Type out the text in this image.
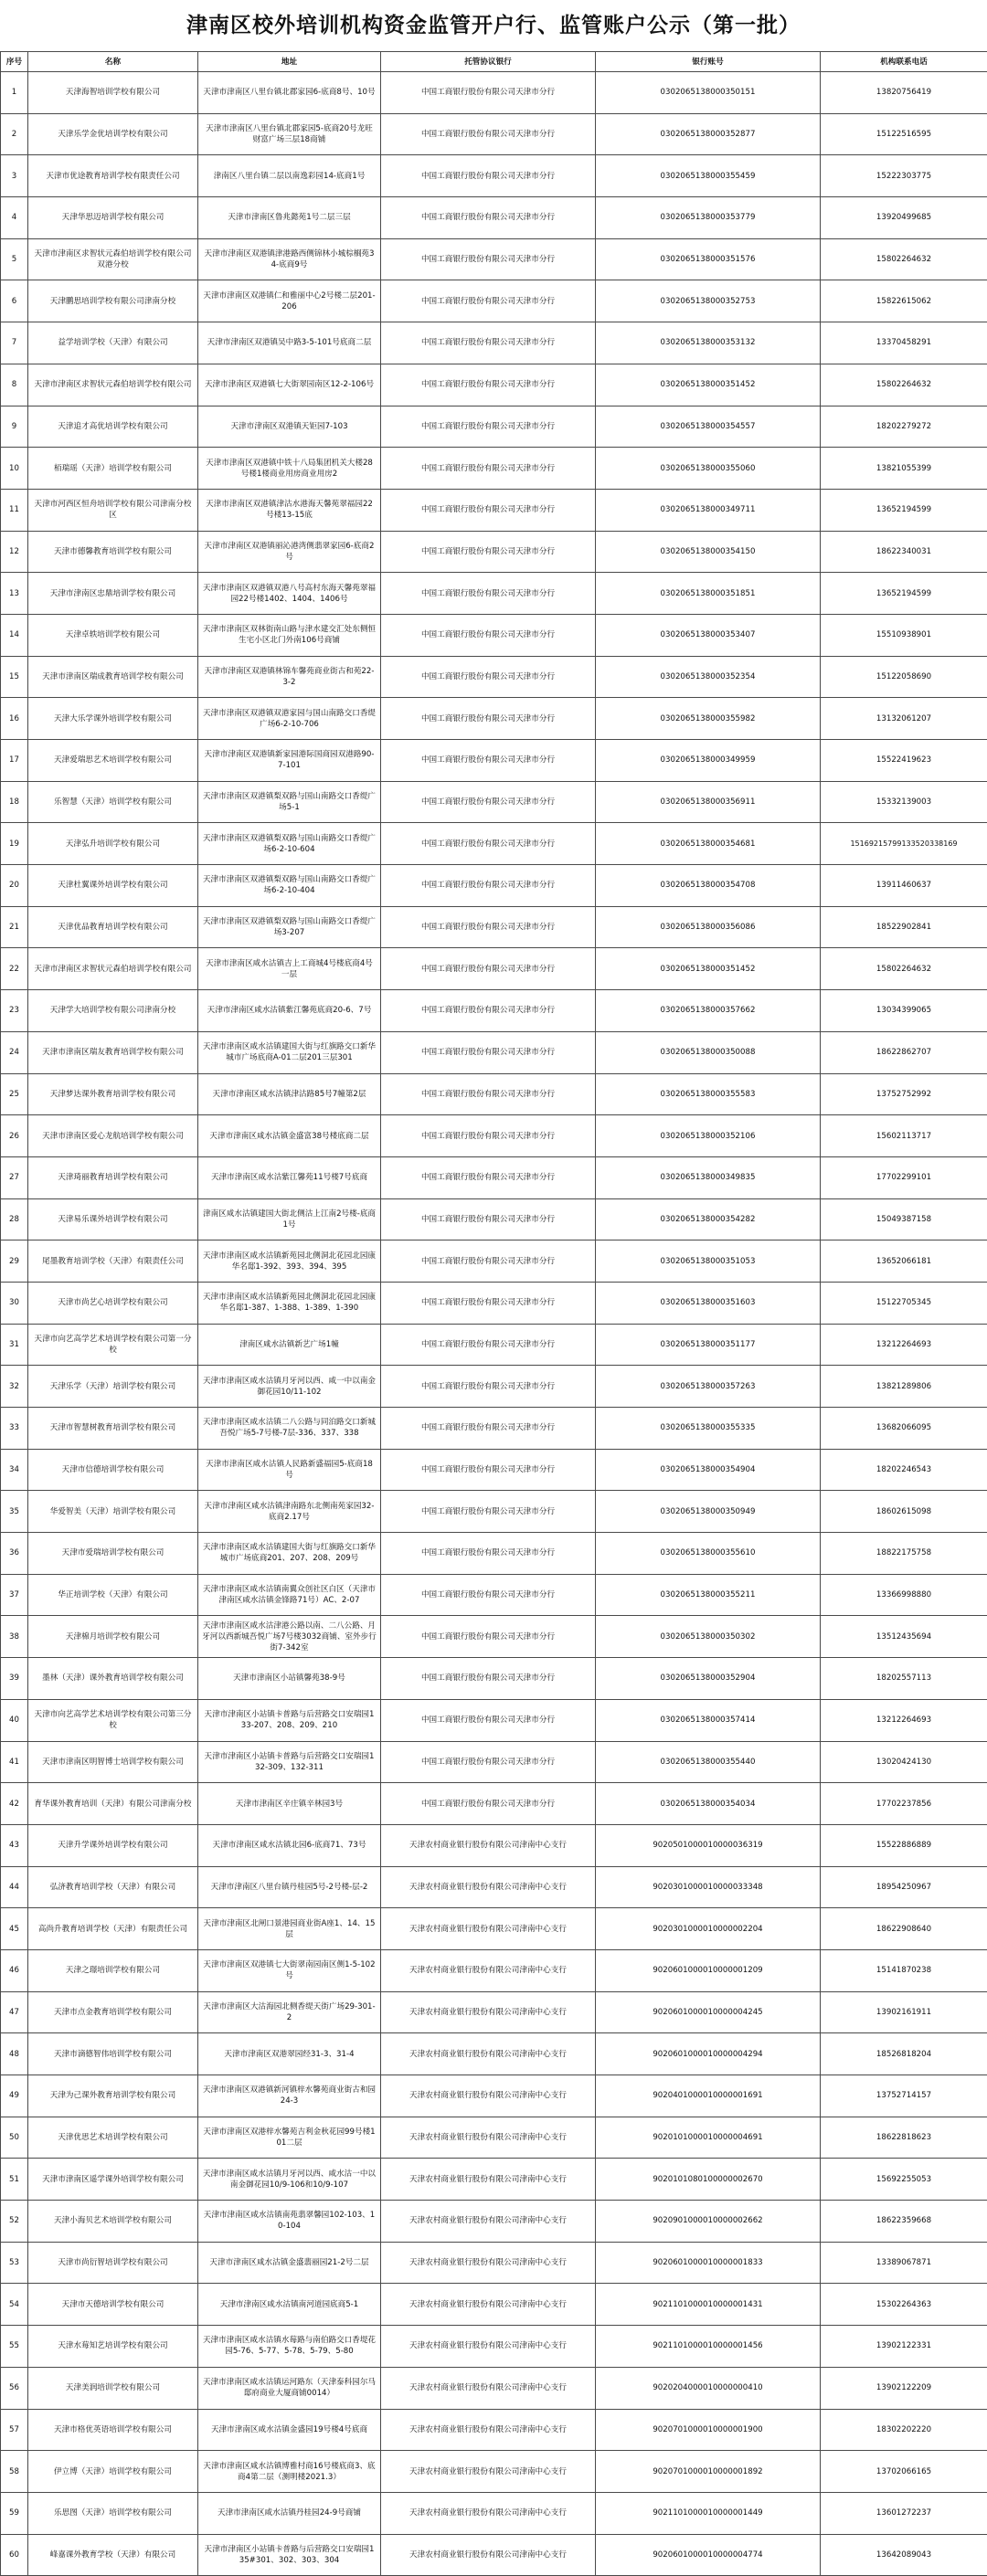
津南区校外培训机构资金监管开户行、监管账户公示（第一批）
序号	名称	地址	托管协议银行	银行账号	机构联系电话
1	天津海智培训学校有限公司	天津市津南区八里台镇北郡家园6-底商8号、10号	中国工商银行股份有限公司天津市分行	0302065138000350151	13820756419
2	天津乐学金优培训学校有限公司	天津市津南区八里台镇北郡家园5-底商20号龙旺财富广场三层18商铺	中国工商银行股份有限公司天津市分行	0302065138000352877	15122516595
3	天津市优途教育培训学校有限责任公司	津南区八里台镇二层以南逸彩园14-底商1号	中国工商银行股份有限公司天津市分行	0302065138000355459	15222303775
4	天津华思迈培训学校有限公司	天津市津南区鲁兆懿苑1号二层三层	中国工商银行股份有限公司天津市分行	0302065138000353779	13920499685
5	天津市津南区求智状元森伯培训学校有限公司双港分校	天津市津南区双港镇津港路西侧锦林小城棕榈苑34-底商9号	中国工商银行股份有限公司天津市分行	0302065138000351576	15802264632
6	天津鹏思培训学校有限公司津南分校	天津市津南区双港镇仁和雅丽中心2号楼二层201-206	中国工商银行股份有限公司天津市分行	0302065138000352753	15822615062
7	益学培训学校（天津）有限公司	天津市津南区双港镇吴中路3-5-101号底商二层	中国工商银行股份有限公司天津市分行	0302065138000353132	13370458291
8	天津市津南区求智状元森伯培训学校有限公司	天津市津南区双港镇七大街翠园南区12-2-106号	中国工商银行股份有限公司天津市分行	0302065138000351452	15802264632
9	天津追才高优培训学校有限公司	天津市津南区双港镇天钜园7-103	中国工商银行股份有限公司天津市分行	0302065138000354557	18202279272
10	栢瑞瑶（天津）培训学校有限公司	天津市津南区双港镇中铁十八局集团机关大楼28号楼1楼商业用房商业用房2	中国工商银行股份有限公司天津市分行	0302065138000355060	13821055399
11	天津市河西区恒舟培训学校有限公司津南分校区	天津市津南区双港镇津沽水港海天馨苑翠福园22号楼13-15底	中国工商银行股份有限公司天津市分行	0302065138000349711	13652194599
12	天津市德馨教育培训学校有限公司	天津市津南区双港镇丽沁港湾侧翡翠家园6-底商2号	中国工商银行股份有限公司天津市分行	0302065138000354150	18622340031
13	天津市津南区忠鼎培训学校有限公司	天津市津南区双港镇双港八号高村东海天馨苑翠福园22号楼1402、1404、1406号	中国工商银行股份有限公司天津市分行	0302065138000351851	13652194599
14	天津卓轶培训学校有限公司	天津市津南区双林街南山路与津水建交汇处东侧恒生宅小区北门外南106号商铺	中国工商银行股份有限公司天津市分行	0302065138000353407	15510938901
15	天津市津南区瑞成教育培训学校有限公司	天津市津南区双港镇林锦车馨苑商业街古和苑22-3-2	中国工商银行股份有限公司天津市分行	0302065138000352354	15122058690
16	天津大乐学课外培训学校有限公司	天津市津南区双港镇双港家园与国山南路交口香缇广场6-2-10-706	中国工商银行股份有限公司天津市分行	0302065138000355982	13132061207
17	天津爱瑞思艺术培训学校有限公司	天津市津南区双港镇新家园港际国商园双港路90-7-101	中国工商银行股份有限公司天津市分行	0302065138000349959	15522419623
18	乐智慧（天津）培训学校有限公司	天津市津南区双港镇梨双路与国山南路交口香缇广场5-1	中国工商银行股份有限公司天津市分行	0302065138000356911	15332139003
19	天津弘升培训学校有限公司	天津市津南区双港镇梨双路与国山南路交口香缇广场6-2-10-604	中国工商银行股份有限公司天津市分行	0302065138000354681	15169215799133520338169
20	天津杜翼课外培训学校有限公司	天津市津南区双港镇梨双路与国山南路交口香缇广场6-2-10-404	中国工商银行股份有限公司天津市分行	0302065138000354708	13911460637
21	天津优品教育培训学校有限公司	天津市津南区双港镇梨双路与国山南路交口香缇广场3-207	中国工商银行股份有限公司天津市分行	0302065138000356086	18522902841
22	天津市津南区求智状元森伯培训学校有限公司	天津市津南区咸水沽镇吉上工商城4号楼底商4号一层	中国工商银行股份有限公司天津市分行	0302065138000351452	15802264632
23	天津学大培训学校有限公司津南分校	天津市津南区咸水沽镇紫江馨苑底商20-6、7号	中国工商银行股份有限公司天津市分行	0302065138000357662	13034399065
24	天津市津南区瑞友教育培训学校有限公司	天津市津南区咸水沽镇建国大街与红旗路交口新华城市广场底商A-01二层201三层301	中国工商银行股份有限公司天津市分行	0302065138000350088	18622862707
25	天津梦达课外教育培训学校有限公司	天津市津南区咸水沽镇津沽路85号7幢第2层	中国工商银行股份有限公司天津市分行	0302065138000355583	13752752992
26	天津市津南区爱心龙航培训学校有限公司	天津市津南区咸水沽镇金盛富38号楼底商二层	中国工商银行股份有限公司天津市分行	0302065138000352106	15602113717
27	天津琦丽教育培训学校有限公司	天津市津南区咸水沽紫江馨苑11号楼7号底商	中国工商银行股份有限公司天津市分行	0302065138000349835	17702299101
28	天津易乐课外培训学校有限公司	津南区咸水沽镇建国大街北侧沽上江南2号楼-底商1号	中国工商银行股份有限公司天津市分行	0302065138000354282	15049387158
29	尾墨教育培训学校（天津）有限责任公司	天津市津南区咸水沽镇新苑园北侧洞北花园北园康华名邸1-392、393、394、395	中国工商银行股份有限公司天津市分行	0302065138000351053	13652066181
30	天津市尚艺心培训学校有限公司	天津市津南区咸水沽镇新苑园北侧洞北花园北园康华名邸1-387、1-388、1-389、1-390	中国工商银行股份有限公司天津市分行	0302065138000351603	15122705345
31	天津市向艺高学艺术培训学校有限公司第一分校	津南区咸水沽镇新艺广场1幢	中国工商银行股份有限公司天津市分行	0302065138000351177	13212264693
32	天津乐学（天津）培训学校有限公司	天津市津南区咸水沽镇月牙河以西、咸一中以南金御花园10/11-102	中国工商银行股份有限公司天津市分行	0302065138000357263	13821289806
33	天津市智慧树教育培训学校有限公司	天津市津南区咸水沽镇二八公路与同泊路交口新城吾悦广场5-7号楼-7层-336、337、338	中国工商银行股份有限公司天津市分行	0302065138000355335	13682066095
34	天津市信德培训学校有限公司	天津市津南区咸水沽镇人民路新盛福园5-底商18号	中国工商银行股份有限公司天津市分行	0302065138000354904	18202246543
35	华爱智美（天津）培训学校有限公司	天津市津南区咸水沽镇津南路东北侧南苑家园32-底商2.17号	中国工商银行股份有限公司天津市分行	0302065138000350949	18602615098
36	天津市爱瑞培训学校有限公司	天津市津南区咸水沽镇建国大街与红旗路交口新华城市广场底商201、207、208、209号	中国工商银行股份有限公司天津市分行	0302065138000355610	18822175758
37	华正培训学校（天津）有限公司	天津市津南区咸水沽镇南翼众创社区白区（天津市津南区咸水沽镇金锋路71号）AC、2-07	中国工商银行股份有限公司天津市分行	0302065138000355211	13366998880
38	天津棉月培训学校有限公司	天津市津南区咸水沽津港公路以南、二八公路、月牙河以西新城吾悦广场7号楼3032商铺、室外步行街7-342室	中国工商银行股份有限公司天津市分行	0302065138000350302	13512435694
39	墨林（天津）课外教育培训学校有限公司	天津市津南区小站镇馨苑38-9号	中国工商银行股份有限公司天津市分行	0302065138000352904	18202557113
40	天津市向艺高学艺术培训学校有限公司第三分校	天津市津南区小站镇卡普路与后营路交口安瑞园133-207、208、209、210	中国工商银行股份有限公司天津市分行	0302065138000357414	13212264693
41	天津市津南区明智博士培训学校有限公司	天津市津南区小站镇卡普路与后营路交口安瑞园132-309、132-311	中国工商银行股份有限公司天津市分行	0302065138000355440	13020424130
42	育华课外教育培训（天津）有限公司津南分校	天津市津南区辛庄镇辛林园3号	中国工商银行股份有限公司天津市分行	0302065138000354034	17702237856
43	天津升学课外培训学校有限公司	天津市津南区咸水沽镇北园6-底商71、73号	天津农村商业银行股份有限公司津南中心支行	9020501000010000036319	15522886889
44	弘济教育培训学校（天津）有限公司	天津市津南区八里台镇丹桂园5号-2号楼-层-2	天津农村商业银行股份有限公司津南中心支行	9020301000010000033348	18954250967
45	高尚升教育培训学校（天津）有限责任公司	天津市津南区北闸口景港园商业街A座1、14、15层	天津农村商业银行股份有限公司津南中心支行	9020301000010000002204	18622908640
46	天津之璟培训学校有限公司	天津市津南区双港镇七大街翠南园南区侧1-5-102号	天津农村商业银行股份有限公司津南中心支行	9020601000010000001209	15141870238
47	天津市点金教育培训学校有限公司	天津市津南区大沽海园北侧香缇天街广场29-301-2	天津农村商业银行股份有限公司津南中心支行	9020601000010000004245	13902161911
48	天津市滴德智伟培训学校有限公司	天津市津南区双港翠园经31-3、31-4	天津农村商业银行股份有限公司津南中心支行	9020601000010000004294	18526818204
49	天津为己课外教育培训学校有限公司	天津市津南区双港镇新河镇梓水馨苑商业街古和园24-3	天津农村商业银行股份有限公司津南中心支行	9020401000010000001691	13752714157
50	天津优思艺术培训学校有限公司	天津市津南区双港梓水馨苑吉利金秋花园99号楼101二层	天津农村商业银行股份有限公司津南中心支行	9020101000010000004691	18622818623
51	天津市津南区遥学课外培训学校有限公司	天津市津南区咸水沽镇月牙河以西、咸水沽一中以南金御花园10/9-106和10/9-107	天津农村商业银行股份有限公司津南中心支行	9020101080100000002670	15692255053
52	天津小海贝艺术培训学校有限公司	天津市津南区咸水沽镇南苑翡翠馨园102-103、10-104	天津农村商业银行股份有限公司津南中心支行	9020901000010000002662	18622359668
53	天津市尚衍智培训学校有限公司	天津市津南区咸水沽镇金盛翡丽园21-2号二层	天津农村商业银行股份有限公司津南中心支行	9020601000010000001833	13389067871
54	天津市天德培训学校有限公司	天津市津南区咸水沽镇南河道园底商5-1	天津农村商业银行股份有限公司津南中心支行	9021101000010000001431	15302264363
55	天津水莓知艺培训学校有限公司	天津市津南区咸水沽镇水莓路与南伯路交口香堤花园5-76、5-77、5-78、5-79、5-80	天津农村商业银行股份有限公司津南中心支行	9021101000010000001456	13902122331
56	天津美润培训学校有限公司	天津市津南区咸水沽镇运河路东（天津泰科园尔马邸府商业大厦商铺0014）	天津农村商业银行股份有限公司津南中心支行	9020204000010000000410	13902122209
57	天津市格优英语培训学校有限公司	天津市津南区咸水沽镇金盛园19号楼4号底商	天津农村商业银行股份有限公司津南中心支行	9020701000010000001900	18302202220
58	伊立博（天津）培训学校有限公司	天津市津南区咸水沽镇博雅村商16号楼底商3、底商4第二层（测明楼2021.3）	天津农村商业银行股份有限公司津南中心支行	9020701000010000001892	13702066165
59	乐思图（天津）培训学校有限公司	天津市津南区咸水沽镇丹桂园24-9号商铺	天津农村商业银行股份有限公司津南中心支行	9021101000010000001449	13601272237
60	峰嘉课外教育学校（天津）有限公司	天津市津南区小站镇卡普路与后营路交口安瑞园135#301、302、303、304	天津农村商业银行股份有限公司津南中心支行	9020601000010000004774	13642089043
